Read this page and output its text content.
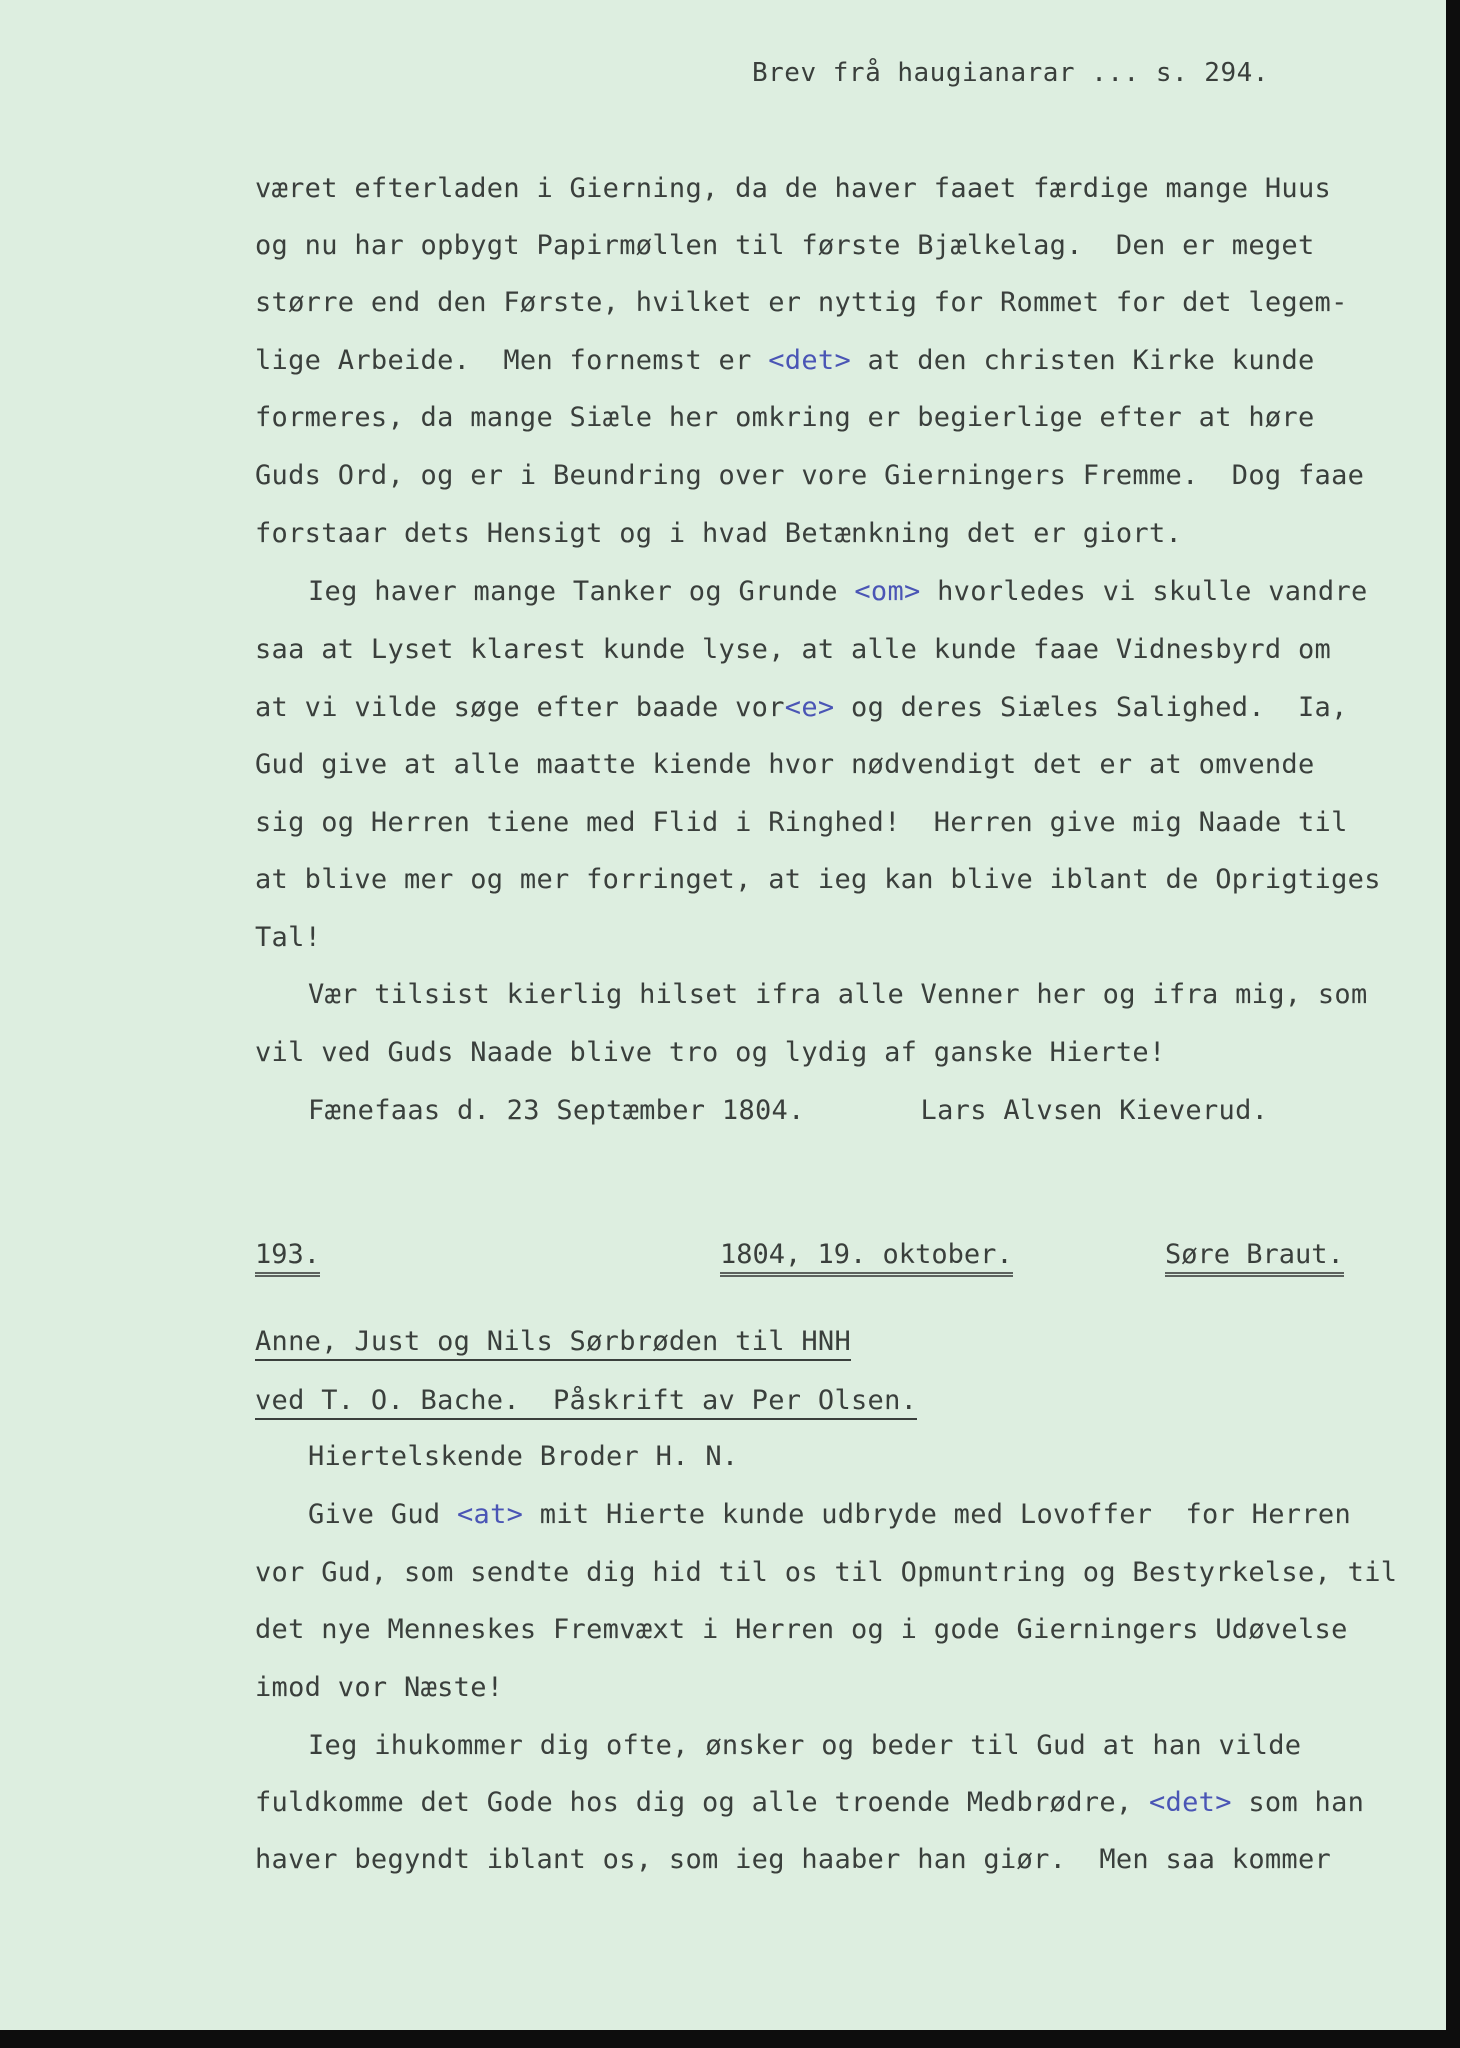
Brev frå haugianarar ... s. 294.
været efterladen i Gierning, da de haver faaet færdige mange Huus
og nu har opbygt Papirmøllen til første Bjælkelag.  Den er meget
større end den Første, hvilket er nyttig for Rommet for det legem-
lige Arbeide.  Men fornemst er <det> at den christen Kirke kunde
formeres, da mange Siæle her omkring er begierlige efter at høre
Guds Ord, og er i Beundring over vore Gierningers Fremme.  Dog faae
forstaar dets Hensigt og i hvad Betænkning det er giort.
Ieg haver mange Tanker og Grunde <om> hvorledes vi skulle vandre
saa at Lyset klarest kunde lyse, at alle kunde faae Vidnesbyrd om
at vi vilde søge efter baade vor<e> og deres Siæles Salighed.  Ia,
Gud give at alle maatte kiende hvor nødvendigt det er at omvende
sig og Herren tiene med Flid i Ringhed!  Herren give mig Naade til
at blive mer og mer forringet, at ieg kan blive iblant de Oprigtiges
Tal!
Vær tilsist kierlig hilset ifra alle Venner her og ifra mig, som
vil ved Guds Naade blive tro og lydig af ganske Hierte!
Fænefaas d. 23 Septæmber 1804.       Lars Alvsen Kieverud.
193.	1804, 19. oktober.	Søre Braut.
Anne, Just og Nils Sørbrøden til HNH
ved T. O. Bache.  Påskrift av Per Olsen.
Hiertelskende Broder H. N.
Give Gud <at> mit Hierte kunde udbryde med Lovoffer  for Herren
vor Gud, som sendte dig hid til os til Opmuntring og Bestyrkelse, til
det nye Menneskes Fremvæxt i Herren og i gode Gierningers Udøvelse
imod vor Næste!
Ieg ihukommer dig ofte, ønsker og beder til Gud at han vilde
fuldkomme det Gode hos dig og alle troende Medbrødre, <det> som han
haver begyndt iblant os, som ieg haaber han giør.  Men saa kommer
